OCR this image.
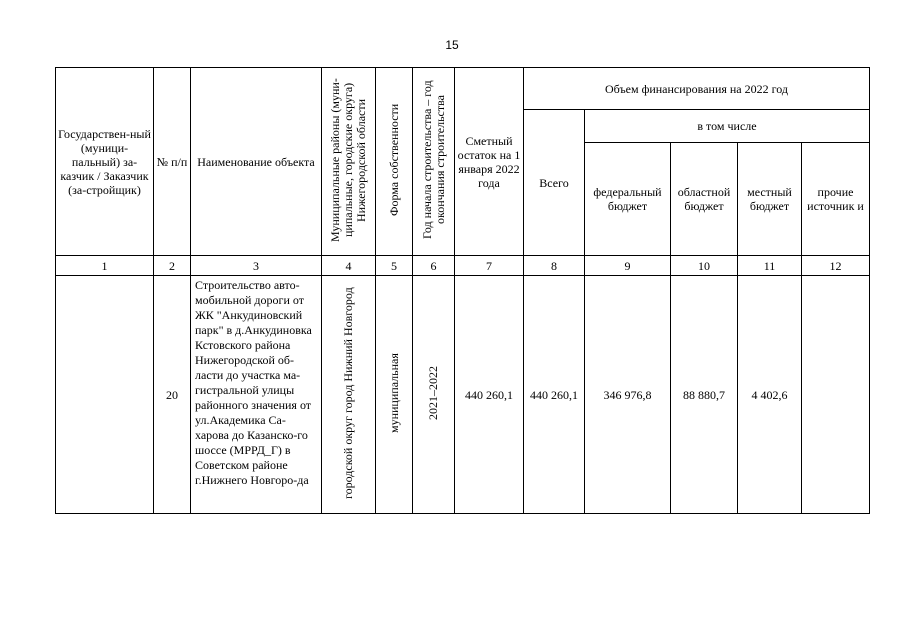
15
Государствен-ный (муници-пальный) за-казчик / Заказчик (за-стройщик)	№ п/п	Наименование объекта	Муниципальные районы (муни-ципальные, городские округа) Нижегородской области	Форма собственности	Год начала строительства – год окончания строительства	Сметный остаток на 1 января 2022 года	Объем финансирования на 2022 год				
							Всего	в том числе			
								федеральный бюджет	областной бюджет	местный бюджет	прочие источник и
1	2	3	4	5	6	7	8	9	10	11	12
	20	Строительство авто-мобильной дороги от ЖК "Анкудиновский парк" в д.Анкудиновка Кстовского района Нижегородской об-ласти до участка ма-гистральной улицы районного значения от ул.Академика Са-харова до Казанско-го шоссе (МРРД_Г) в Советском районе г.Нижнего Новгоро-да	городской округ город Нижний Новгород	муниципальная	2021–2022	440 260,1	440 260,1	346 976,8	88 880,7	4 402,6	
